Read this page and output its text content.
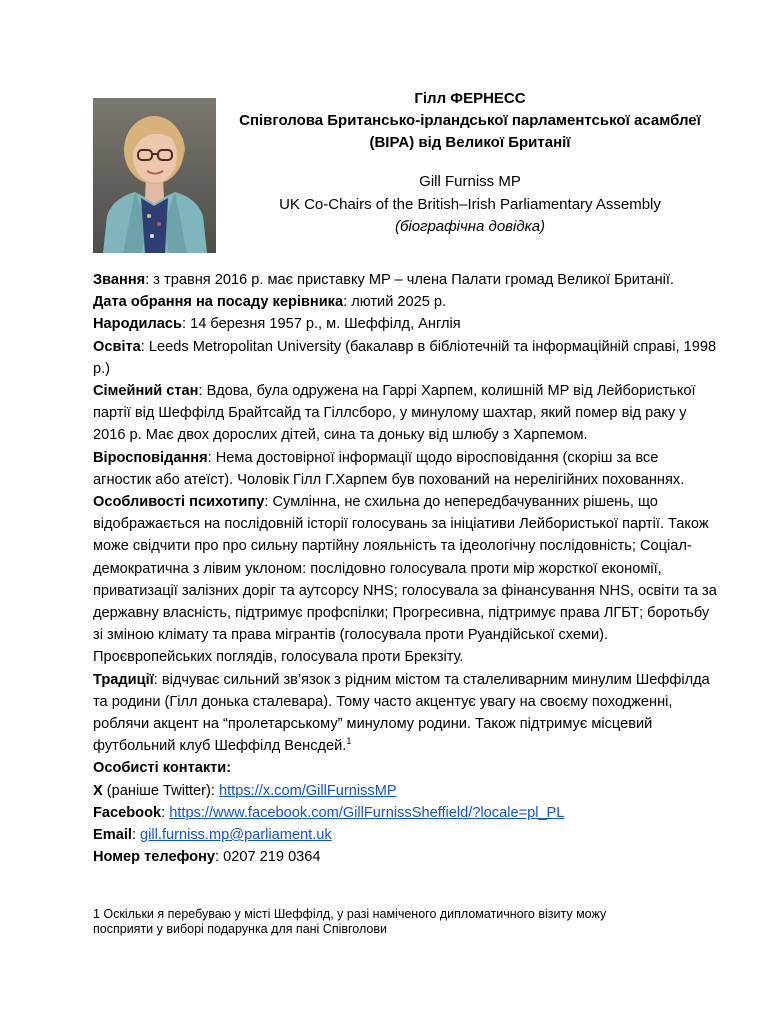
Гілл ФЕРНЕСС
Співголова Британсько-ірландської парламентської асамблеї
(BIPA) від Великої Британії
Gill Furniss MP
UK Co-Chairs of the British–Irish Parliamentary Assembly
(біографічна довідка)

Звання: з травня 2016 р. має приставку MP – члена Палати громад Великої Британії.

Дата обрання на посаду керівника: лютий 2025 р.

Народилась: 14 березня 1957 р., м. Шеффілд, Англія

Освіта: Leeds Metropolitan University (бакалавр в бібліотечній та інформаційній справі, 1998 р.)

Сімейний стан: Вдова, була одружена на Гаррі Харпем, колишній MP від Лейбористької партії від Шеффілд Брайтсайд та Гіллсборо, у минулому шахтар, який помер від раку у 2016 р. Має двох дорослих дітей, сина та доньку від шлюбу з Харпемом.

Віросповідання: Нема достовірної інформації щодо віросповідання (скоріш за все агностик або атеїст). Чоловік Гілл Г.Харпем був похований на нерелігійних похованнях.

Особливості психотипу: Сумлінна, не схильна до непередбачуванних рішень, що відображається на послідовній історії голосувань за ініціативи Лейбористької партії. Також може свідчити про про сильну партійну лояльність та ідеологічну послідовність; Соціал-демократична з лівим уклоном: послідовно голосувала проти мір жорсткої економії, приватизації залізних доріг та аутсорсу NHS; голосувала за фінансування NHS, освіти та за державну власність, підтримує профспілки; Прогресивна, підтримує права ЛГБТ; боротьбу зі зміною клімату та права мігрантів (голосувала проти Руандійської схеми). Проєвропейських поглядів, голосувала проти Брекзіту.

Традиції: відчуває сильний зв’язок з рідним містом та сталеливарним минулим Шеффілда та родини (Гілл донька сталевара). Тому часто акцентує увагу на своєму походженні, роблячи акцент на “пролетарському” минулому родини. Також підтримує місцевий футбольний клуб Шеффілд Венсдей.$^1$

Особисті контакти:

X (раніше Twitter): https://x.com/GillFurnissMP

Facebook: https://www.facebook.com/GillFurnissSheffield/?locale=pl_PL

Email: gill.furniss.mp@parliament.uk

Номер телефону: 0207 219 0364

1 Оскільки я перебуваю у місті Шеффілд, у разі наміченого дипломатичного візиту можу посприяти у виборі подарунка для пані Співголови
